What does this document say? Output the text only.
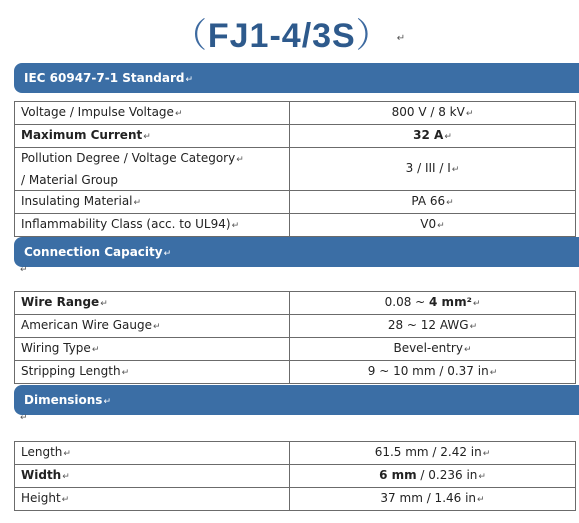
（FJ1-4/3S） ↵
IEC 60947-7-1 Standard↵
Voltage / Impulse Voltage↵	800 V / 8 kV↵
Maximum Current↵	32 A↵
Pollution Degree / Voltage Category↵
/ Material Group	3 / III / I↵
Insulating Material↵	PA 66↵
Inflammability Class (acc. to UL94)↵	V0↵
Connection Capacity↵
↵
Wire Range↵	0.08 ~ 4 mm²↵
American Wire Gauge↵	28 ~ 12 AWG↵
Wiring Type↵	Bevel-entry↵
Stripping Length↵	9 ~ 10 mm / 0.37 in↵
Dimensions↵
↵
Length↵	61.5 mm / 2.42 in↵
Width↵	6 mm / 0.236 in↵
Height↵	37 mm / 1.46 in↵
